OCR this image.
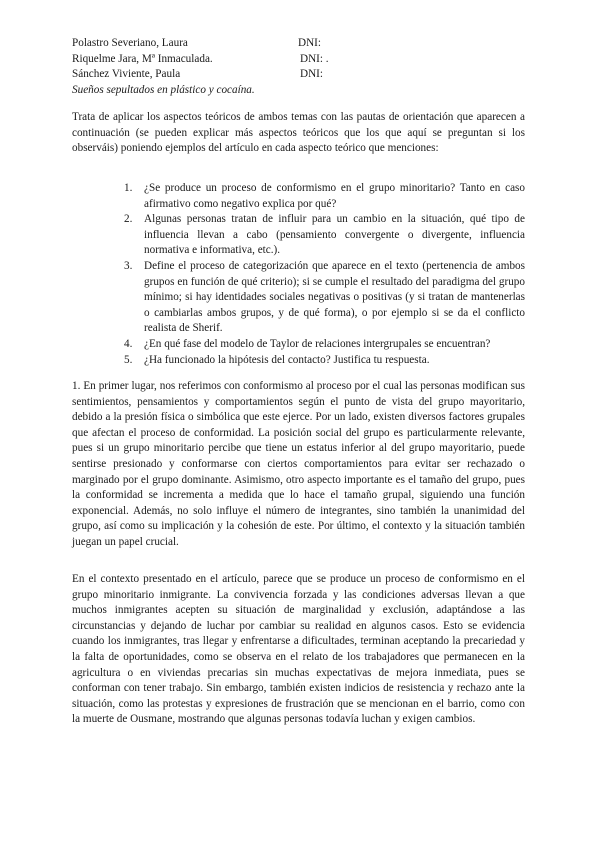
Polastro Severiano, Laura	DNI:
Riquelme Jara, Mª Inmaculada.	DNI: .
Sánchez Viviente, Paula	DNI:
Sueños sepultados en plástico y cocaína.
Trata de aplicar los aspectos teóricos de ambos temas con las pautas de orientación que aparecen a continuación (se pueden explicar más aspectos teóricos que los que aquí se preguntan si los observáis) poniendo ejemplos del artículo en cada aspecto teórico que menciones:
1. ¿Se produce un proceso de conformismo en el grupo minoritario? Tanto en caso afirmativo como negativo explica por qué?
2. Algunas personas tratan de influir para un cambio en la situación, qué tipo de influencia llevan a cabo (pensamiento convergente o divergente, influencia normativa e informativa, etc.).
3. Define el proceso de categorización que aparece en el texto (pertenencia de ambos grupos en función de qué criterio); si se cumple el resultado del paradigma del grupo mínimo; si hay identidades sociales negativas o positivas (y si tratan de mantenerlas o cambiarlas ambos grupos, y de qué forma), o por ejemplo si se da el conflicto realista de Sherif.
4. ¿En qué fase del modelo de Taylor de relaciones intergrupales se encuentran?
5. ¿Ha funcionado la hipótesis del contacto? Justifica tu respuesta.
1. En primer lugar, nos referimos con conformismo al proceso por el cual las personas modifican sus sentimientos, pensamientos y comportamientos según el punto de vista del grupo mayoritario, debido a la presión física o simbólica que este ejerce. Por un lado, existen diversos factores grupales que afectan el proceso de conformidad. La posición social del grupo es particularmente relevante, pues si un grupo minoritario percibe que tiene un estatus inferior al del grupo mayoritario, puede sentirse presionado y conformarse con ciertos comportamientos para evitar ser rechazado o marginado por el grupo dominante. Asimismo, otro aspecto importante es el tamaño del grupo, pues la conformidad se incrementa a medida que lo hace el tamaño grupal, siguiendo una función exponencial. Además, no solo influye el número de integrantes, sino también la unanimidad del grupo, así como su implicación y la cohesión de este. Por último, el contexto y la situación también juegan un papel crucial.
En el contexto presentado en el artículo, parece que se produce un proceso de conformismo en el grupo minoritario inmigrante. La convivencia forzada y las condiciones adversas llevan a que muchos inmigrantes acepten su situación de marginalidad y exclusión, adaptándose a las circunstancias y dejando de luchar por cambiar su realidad en algunos casos. Esto se evidencia cuando los inmigrantes, tras llegar y enfrentarse a dificultades, terminan aceptando la precariedad y la falta de oportunidades, como se observa en el relato de los trabajadores que permanecen en la agricultura o en viviendas precarias sin muchas expectativas de mejora inmediata, pues se conforman con tener trabajo. Sin embargo, también existen indicios de resistencia y rechazo ante la situación, como las protestas y expresiones de frustración que se mencionan en el barrio, como con la muerte de Ousmane, mostrando que algunas personas todavía luchan y exigen cambios.
